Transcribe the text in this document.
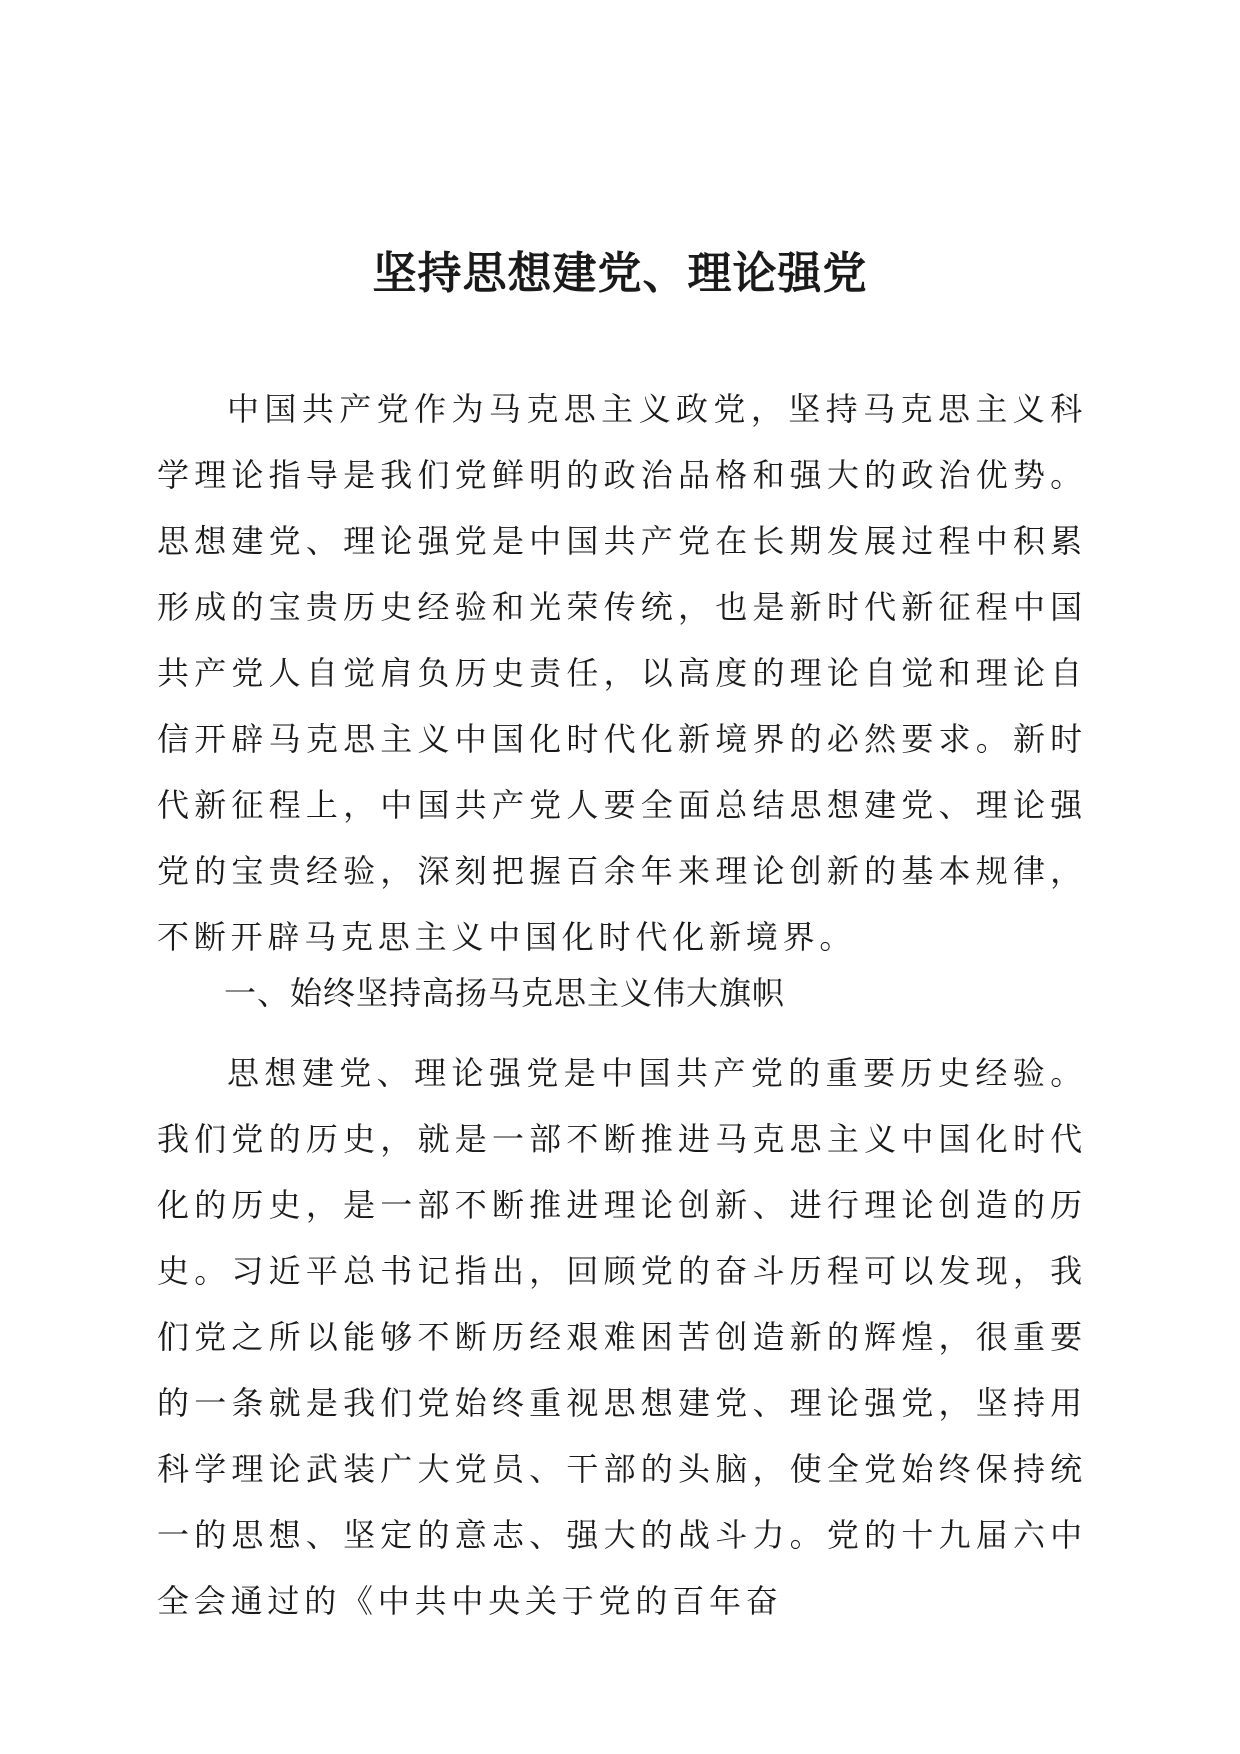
坚持思想建党、理论强党

中国共产党作为马克思主义政党，坚持马克思主义科学理论指导是我们党鲜明的政治品格和强大的政治优势。思想建党、理论强党是中国共产党在长期发展过程中积累形成的宝贵历史经验和光荣传统，也是新时代新征程中国共产党人自觉肩负历史责任，以高度的理论自觉和理论自信开辟马克思主义中国化时代化新境界的必然要求。新时代新征程上，中国共产党人要全面总结思想建党、理论强党的宝贵经验，深刻把握百余年来理论创新的基本规律，不断开辟马克思主义中国化时代化新境界。

一、始终坚持高扬马克思主义伟大旗帜

思想建党、理论强党是中国共产党的重要历史经验。我们党的历史，就是一部不断推进马克思主义中国化时代化的历史，是一部不断推进理论创新、进行理论创造的历史。习近平总书记指出，回顾党的奋斗历程可以发现，我们党之所以能够不断历经艰难困苦创造新的辉煌，很重要的一条就是我们党始终重视思想建党、理论强党，坚持用科学理论武装广大党员、干部的头脑，使全党始终保持统一的思想、坚定的意志、强大的战斗力。党的十九届六中全会通过的《中共中央关于党的百年奋
